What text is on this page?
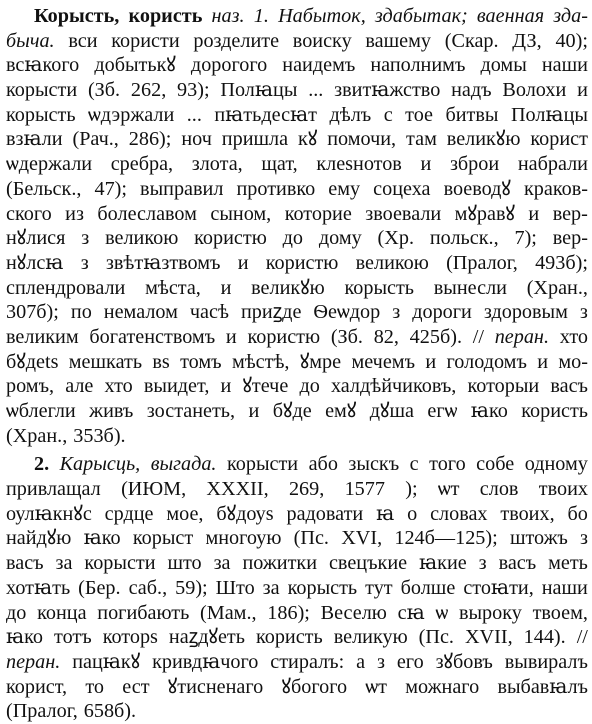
Корысть, користь наз. 1. Набыток, здабытак; ваенная зда-
быча. вси користи розделите воиску вашему (Скар. ДЗ, 40);
всꙗкого добытькꙋ дорогого наидемъ наполнимъ домы наши
корысти (Зб. 262, 93); Полꙗцы ... звитꙗжство надъ Волохи и
корысть ѡдэржали ... пꙗтьдесꙗт дѣлъ с тое битвы Полꙗцы
взꙗли (Рач., 286); ноч пришла кꙋ помочи, там великꙋю корист
ѡдержали сребра, злота, щат, клеѕнотов и зброи набрали
(Бельск., 47); выправил противко ему соцеха воеводꙋ краков-
ского из болеславом сыном, которие звоевали мꙋравꙋ и вер-
нꙋлися з великою користю до дому (Хр. польск., 7); вер-
нꙋлсꙗ з звѣтꙗзтвомъ и користю великою (Пралог, 493б);
сплендровали мѣста, и великꙋю корысть вынесли (Хран.,
307б); по немалом часѣ приꙁде Ѳеѡдор з дороги здоровым з
великим богатенствомъ и користю (Зб. 82, 425б). // перан. хто
бꙋдеtѕ мешкать вѕ томъ мѣстѣ, ꙋмре мечемъ и голодомъ и мо-
ромъ, але хто выидет, и ꙋтече до халдѣйчиковъ, которыи васъ
ѡблегли живъ зостанеть, и бꙋде емꙋ дꙋша егѡ ꙗко користь
(Хран., 353б).
2. Карысць, выгада. корысти або зыскъ с того собе одному
привлащал (ИЮМ, XXXII, 269, 1577 ); ѡт слов твоих
оулꙗкнꙋс срдце мое, бꙋдоуѕ радовати ꙗ о словах твоих, бо
найдꙋю ꙗко корыст многоую (Пс. XVI, 124б—125); штожъ з
васъ за корысти што за пожитки свецъкие ꙗкие з васъ меть
хотꙗть (Бер. саб., 59); Што за корысть тут болше стоꙗти, наши
до конца погибають (Мам., 186); Веселю сꙗ ѡ выроку твоем,
ꙗко тотъ которѕ наꙁдꙋеть користь великую (Пс. XVII, 144). //
перан. пацꙗкꙋ кривдꙗчого стиралъ: а з его зꙋбовъ вывиралъ
корист, то ест ꙋтисненаго ꙋбогого ѡт можнаго выбавꙗлъ
(Пралог, 658б).
